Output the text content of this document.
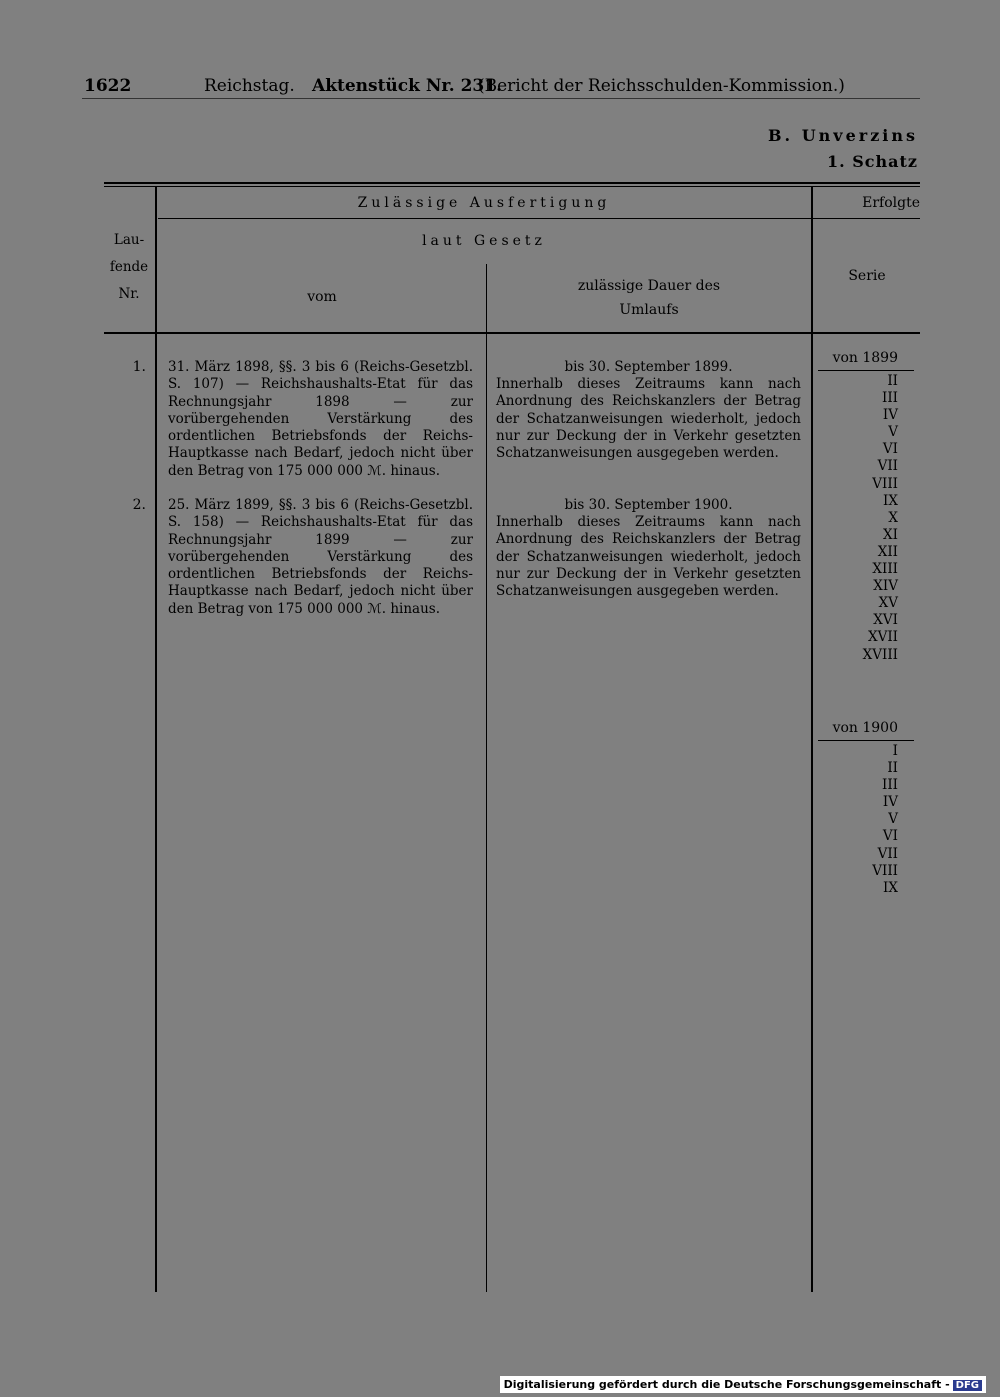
1622	Reichstag. Aktenstück Nr. 231.
(Bericht der Reichsschulden-Kommission.)
B. Unverzins
1. Schatz
Lau-
fende
Nr.
Zulässige Ausfertigung
laut Gesetz
vom
zulässige Dauer des
Umlaufs
Erfolgte
Serie
1. 31. März 1898, §§. 3 bis 6 (Reichs-Gesetzbl. S. 107) — Reichshaushalts-Etat für das Rechnungsjahr 1898 — zur vorübergehenden Verstärkung des ordentlichen Betriebsfonds der Reichs-Hauptkasse nach Bedarf, jedoch nicht über den Betrag von 175 000 000 ℳ. hinaus.
bis 30. September 1899.
Innerhalb dieses Zeitraums kann nach Anordnung des Reichskanzlers der Betrag der Schatzanweisungen wiederholt, jedoch nur zur Deckung der in Verkehr gesetzten Schatzanweisungen ausgegeben werden.
2. 25. März 1899, §§. 3 bis 6 (Reichs-Gesetzbl. S. 158) — Reichshaushalts-Etat für das Rechnungsjahr 1899 — zur vorübergehenden Verstärkung des ordentlichen Betriebsfonds der Reichs-Hauptkasse nach Bedarf, jedoch nicht über den Betrag von 175 000 000 ℳ. hinaus.
bis 30. September 1900.
Innerhalb dieses Zeitraums kann nach Anordnung des Reichskanzlers der Betrag der Schatzanweisungen wiederholt, jedoch nur zur Deckung der in Verkehr gesetzten Schatzanweisungen ausgegeben werden.
von 1899
II
III
IV
V
VI
VII
VIII
IX
X
XI
XII
XIII
XIV
XV
XVI
XVII
XVIII
von 1900
I
II
III
IV
V
VI
VII
VIII
IX
Digitalisierung gefördert durch die Deutsche Forschungsgemeinschaft - DFG
